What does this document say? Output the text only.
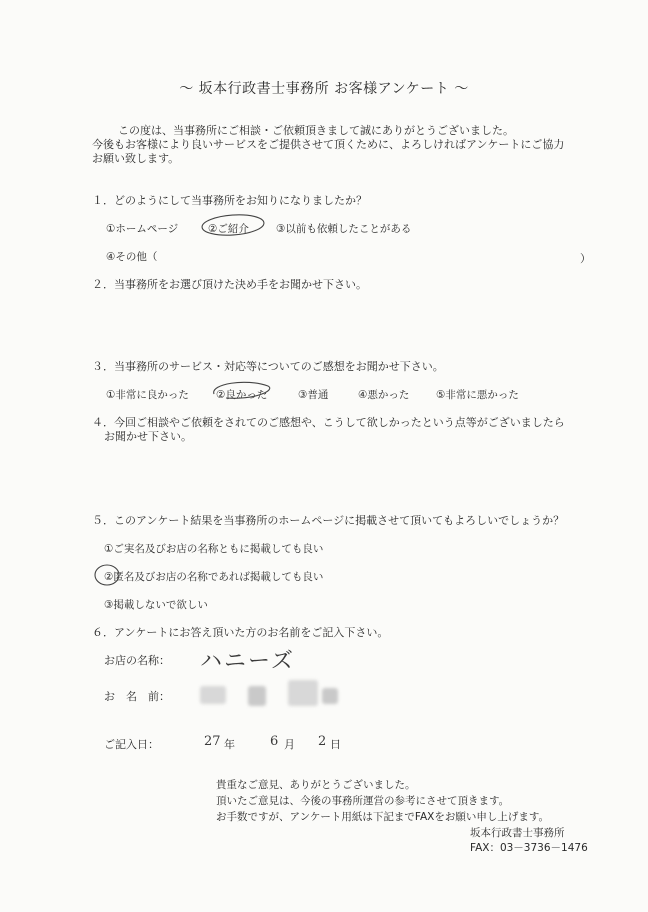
～ 坂本行政書士事務所 お客様アンケート ～
この度は、当事務所にご相談・ご依頼頂きまして誠にありがとうございました。
今後もお客様により良いサービスをご提供させて頂くために、よろしければアンケートにご協力
お願い致します。
１．どのようにして当事務所をお知りになりましたか？
①ホームページ	②ご紹介	③以前も依頼したことがある
④その他（	）
２．当事務所をお選び頂けた決め手をお聞かせ下さい。
３．当事務所のサービス・対応等についてのご感想をお聞かせ下さい。
①非常に良かった	②良かった	③普通	④悪かった	⑤非常に悪かった
４．今回ご相談やご依頼をされてのご感想や、こうして欲しかったという点等がございましたら
お聞かせ下さい。
５．このアンケート結果を当事務所のホームページに掲載させて頂いてもよろしいでしょうか？
①ご実名及びお店の名称ともに掲載しても良い
②匿名及びお店の名称であれば掲載しても良い
③掲載しないで欲しい
６．アンケートにお答え頂いた方のお名前をご記入下さい。
お店の名称： ハニーズ
お　名　前：
ご記入日：	27 年	6 月 2 日
貴重なご意見、ありがとうございました。
頂いたご意見は、今後の事務所運営の参考にさせて頂きます。
お手数ですが、アンケート用紙は下記までFAXをお願い申し上げます。
坂本行政書士事務所
FAX：03－3736－1476
